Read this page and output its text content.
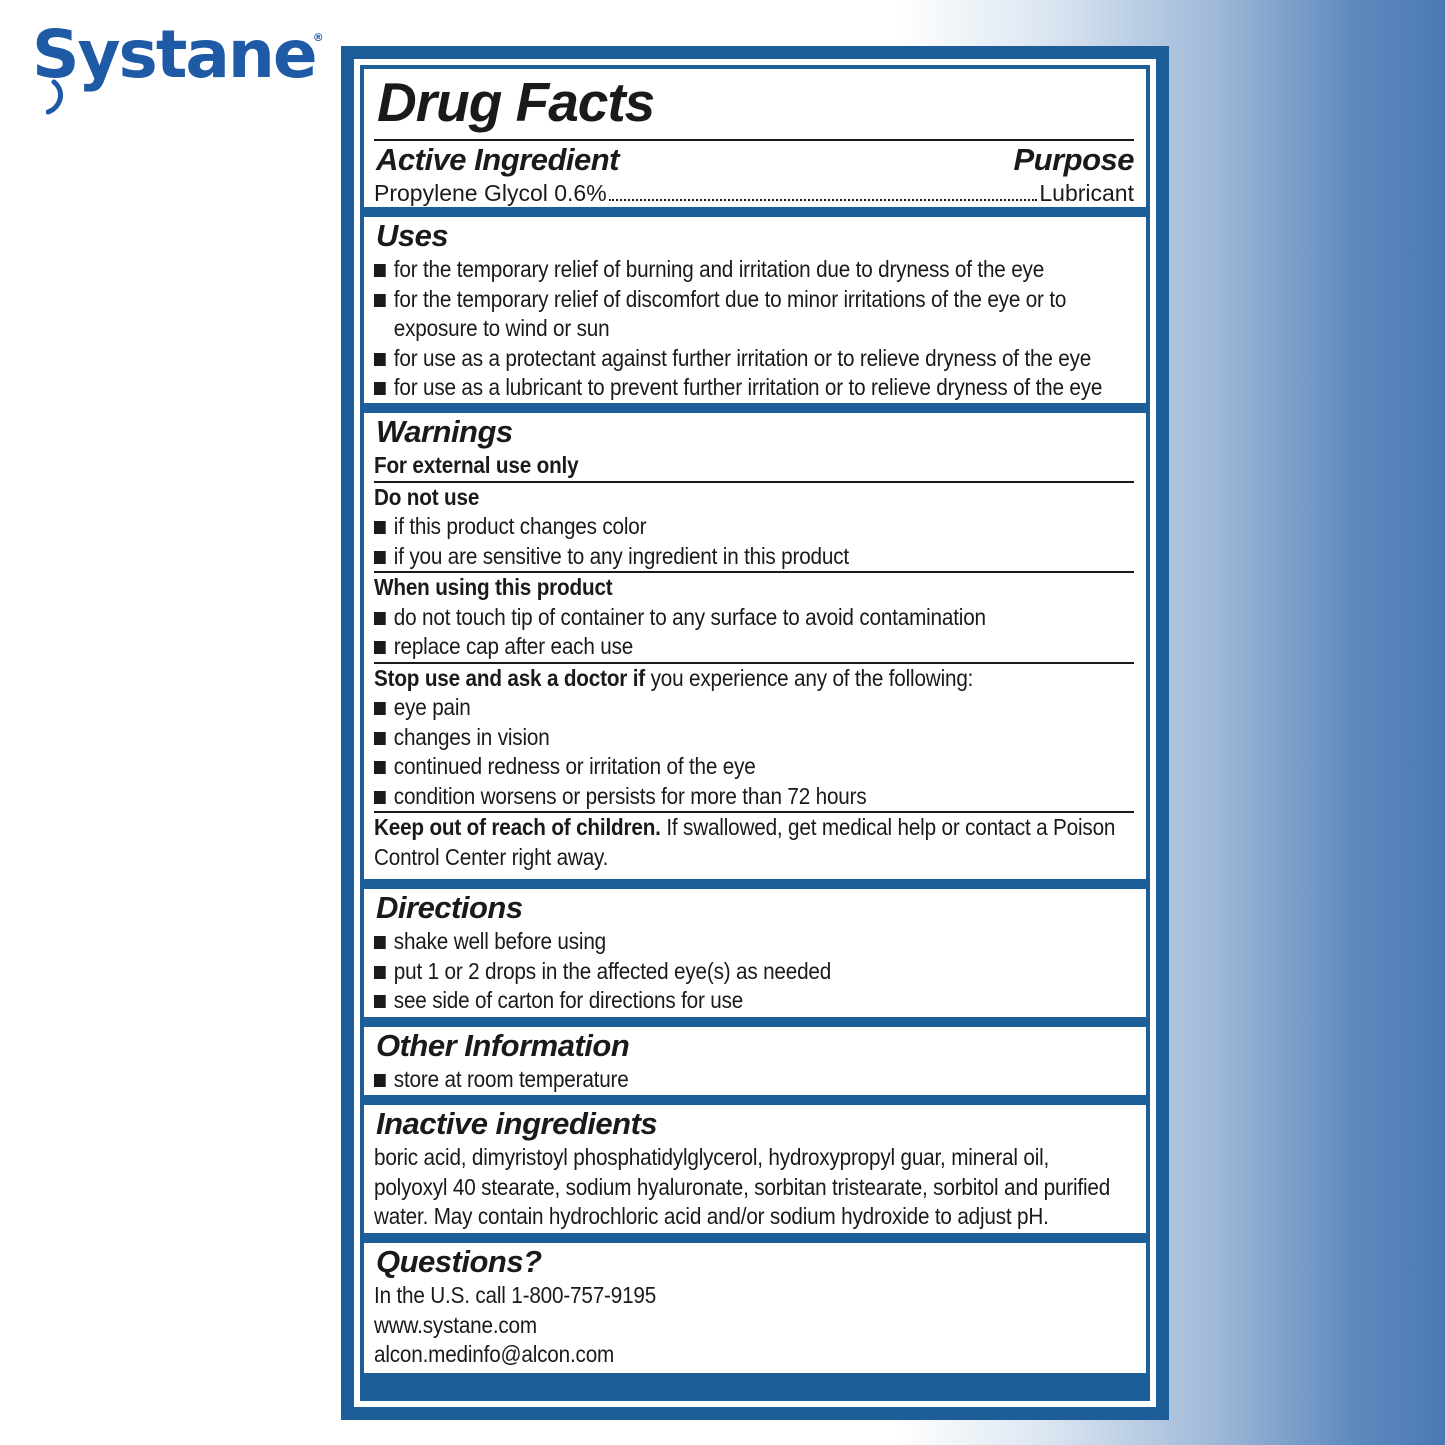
Systane
®
Drug Facts
Active Ingredient	Purpose
Propylene Glycol 0.6%	Lubricant
Uses
for the temporary relief of burning and irritation due to dryness of the eye
for the temporary relief of discomfort due to minor irritations of the eye or to
exposure to wind or sun
for use as a protectant against further irritation or to relieve dryness of the eye
for use as a lubricant to prevent further irritation or to relieve dryness of the eye
Warnings
For external use only
Do not use
if this product changes color
if you are sensitive to any ingredient in this product
When using this product
do not touch tip of container to any surface to avoid contamination
replace cap after each use
Stop use and ask a doctor if you experience any of the following:
eye pain
changes in vision
continued redness or irritation of the eye
condition worsens or persists for more than 72 hours
Keep out of reach of children. If swallowed, get medical help or contact a Poison
Control Center right away.
Directions
shake well before using
put 1 or 2 drops in the affected eye(s) as needed
see side of carton for directions for use
Other Information
store at room temperature
Inactive ingredients
boric acid, dimyristoyl phosphatidylglycerol, hydroxypropyl guar, mineral oil,
polyoxyl 40 stearate, sodium hyaluronate, sorbitan tristearate, sorbitol and purified
water. May contain hydrochloric acid and/or sodium hydroxide to adjust pH.
Questions?
In the U.S. call 1-800-757-9195
www.systane.com
alcon.medinfo@alcon.com
